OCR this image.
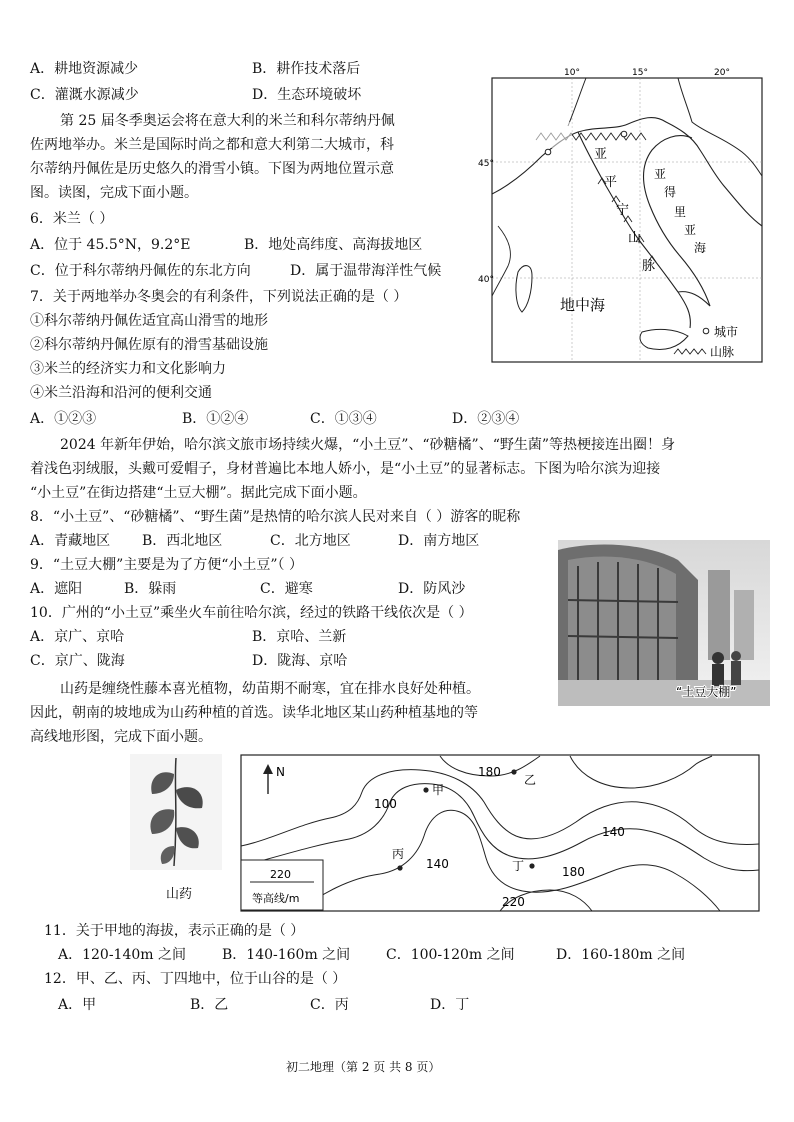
A．耕地资源减少	B．耕作技术落后
C．灌溉水源减少	D．生态环境破坏
第 25 届冬季奥运会将在意大利的米兰和科尔蒂纳丹佩
佐两地举办。米兰是国际时尚之都和意大利第二大城市，科
尔蒂纳丹佩佐是历史悠久的滑雪小镇。下图为两地位置示意
图。读图，完成下面小题。
6．米兰（ ）
A．位于 45.5°N，9.2°E	B．地处高纬度、高海拔地区
C．位于科尔蒂纳丹佩佐的东北方向	D．属于温带海洋性气候
7．关于两地举办冬奥会的有利条件，下列说法正确的是（ ）
①科尔蒂纳丹佩佐适宜高山滑雪的地形
②科尔蒂纳丹佩佐原有的滑雪基础设施
③米兰的经济实力和文化影响力
④米兰沿海和沿河的便利交通
A．①②③	B．①②④	C．①③④	D．②③④
10°	15°	20°
45°
40°
亚
平
宁
山
脉
亚
得
里
亚
海
地中海
城市
山脉
2024 年新年伊始，哈尔滨文旅市场持续火爆，“小土豆”、“砂糖橘”、“野生菌”等热梗接连出圈！身
着浅色羽绒服，头戴可爱帽子，身材普遍比本地人娇小，是“小土豆”的显著标志。下图为哈尔滨为迎接
“小土豆”在街边搭建“土豆大棚”。据此完成下面小题。
8．“小土豆”、“砂糖橘”、“野生菌”是热情的哈尔滨人民对来自（ ）游客的昵称
A．青藏地区 B．西北地区	C．北方地区	D．南方地区
9．“土豆大棚”主要是为了方便“小土豆”（ ）
A．遮阳	B．躲雨	C．避寒	D．防风沙
10．广州的“小土豆”乘坐火车前往哈尔滨，经过的铁路干线依次是（ ）
A．京广、京哈	B．京哈、兰新
C．京广、陇海	D．陇海、京哈
“土豆大棚”
山药是缠绕性藤本喜光植物，幼苗期不耐寒，宜在排水良好处种植。
因此，朝南的坡地成为山药种植的首选。读华北地区某山药种植基地的等
高线地形图，完成下面小题。
山药
N	180
100
140
140
180
220
甲
乙
丙
丁
220
等高线/m
11．关于甲地的海拔，表示正确的是（ ）
A．120-140m 之间	B．140-160m 之间	C．100-120m 之间	D．160-180m 之间
12．甲、乙、丙、丁四地中，位于山谷的是（ ）
A．甲	B．乙	C．丙	D．丁
初二地理（第 2 页 共 8 页）
